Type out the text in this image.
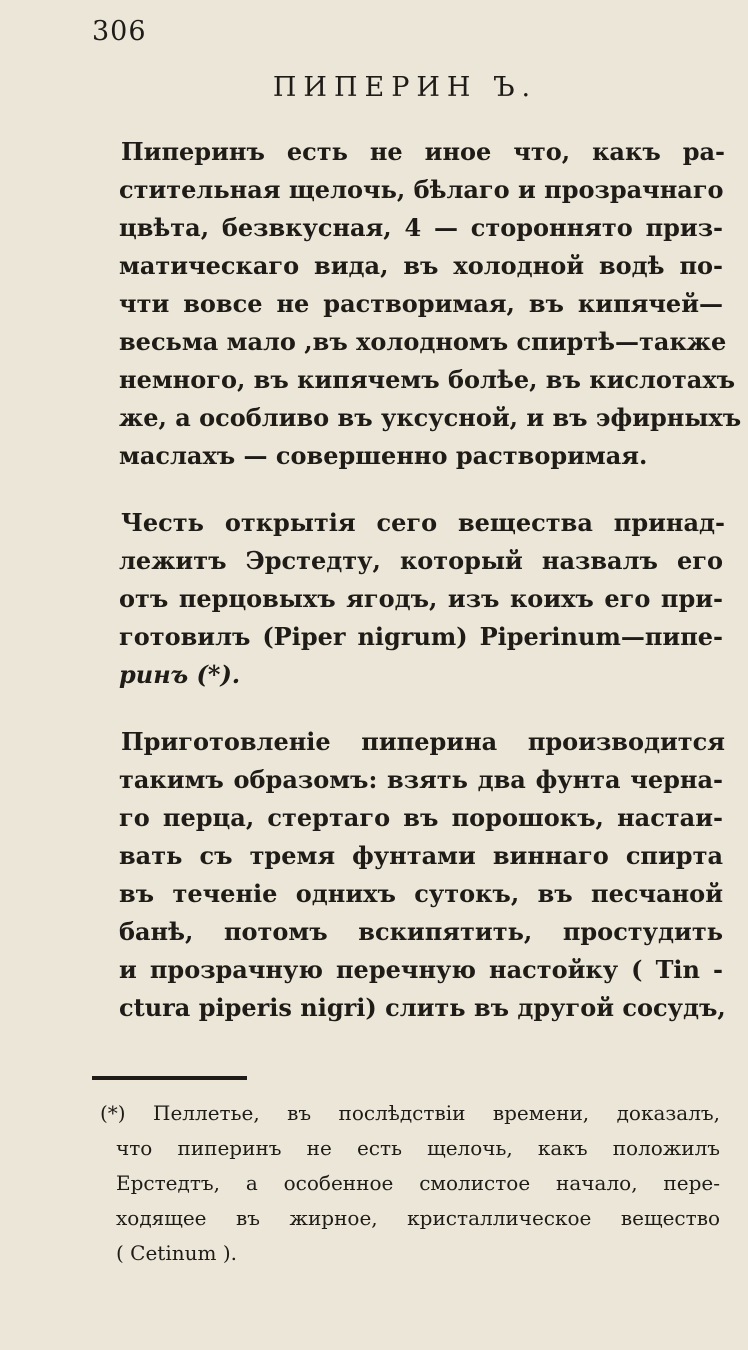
306
ПИПЕРИН Ъ.
Пиперинъ есть не иное что, какъ ра-
стительная щелочь, бѣлаго и прозрачнаго
цвѣта, безвкусная, 4 — стороннято приз-
матическаго вида, въ холодной водѣ по-
чти вовсе не растворимая, въ кипячей—
весьма мало ,въ холодномъ спиртѣ—также
немного, въ кипячемъ болѣе, въ кислотахъ
же, а особливо въ уксусной, и въ эфирныхъ
маслахъ — совершенно растворимая.
Честь открытія сего вещества принад-
лежитъ Эрстедту, который назвалъ его
отъ перцовыхъ ягодъ, изъ коихъ его при-
готовилъ (Piper nigrum) Piperinum—пипе-
ринъ (*).
Приготовленіе пиперина производится
такимъ образомъ: взять два фунта черна-
го перца, стертаго въ порошокъ, настаи-
вать съ тремя фунтами виннаго спирта
въ теченіе однихъ сутокъ, въ песчаной
банѣ, потомъ вскипятить, простудить
и прозрачную перечную настойку ( Tin -
ctura piperis nigri) слить въ другой сосудъ,
(*) Пеллетье, въ послѣдствіи времени, доказалъ,
что пиперинъ не есть щелочь, какъ положилъ
Ерстедтъ, а особенное смолистое начало, пере-
ходящее въ жирное, кристаллическое вещество
( Cetinum ).
